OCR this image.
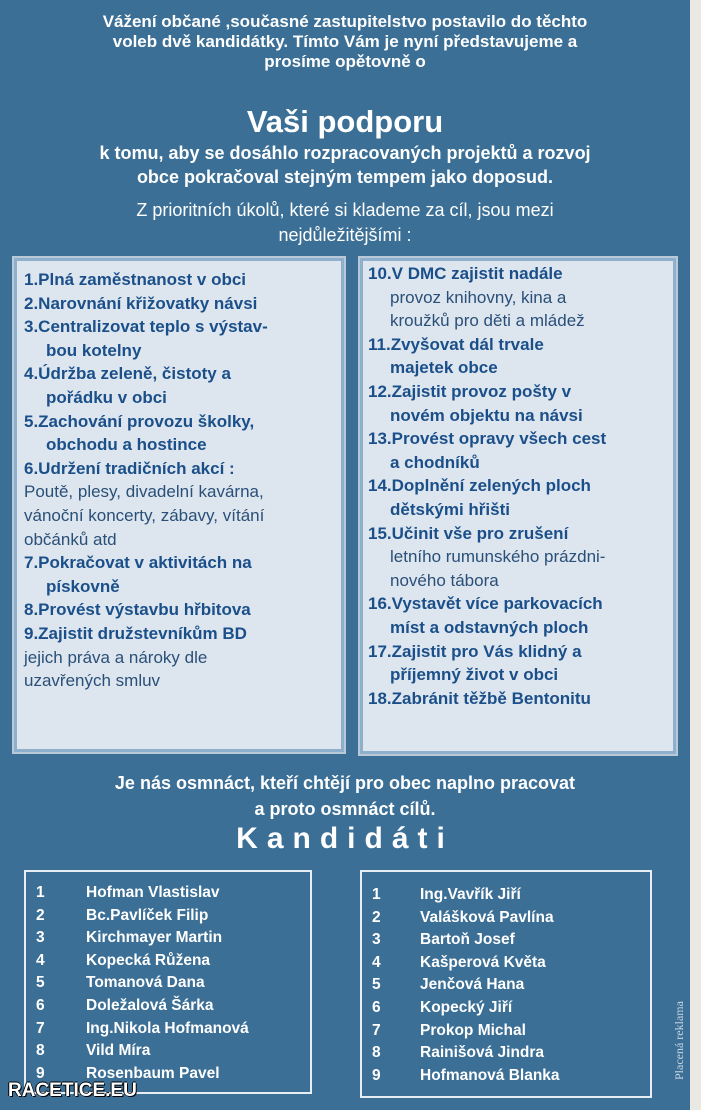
Vážení občané ,současné zastupitelstvo postavilo do těchto
voleb dvě kandidátky. Tímto Vám je nyní představujeme a
prosíme opětovně o
Vaši podporu
k tomu, aby se dosáhlo rozpracovaných projektů a rozvoj
obce pokračoval stejným tempem jako doposud.
Z prioritních úkolů, které si klademe za cíl, jsou mezi
nejdůležitějšími :
1.Plná zaměstnanost v obci
2.Narovnání křižovatky návsi
3.Centralizovat teplo s výstav-
bou kotelny
4.Údržba zeleně, čistoty a
pořádku v obci
5.Zachování provozu školky,
obchodu a hostince
6.Udržení tradičních akcí :
Poutě, plesy, divadelní kavárna,
vánoční koncerty, zábavy, vítání
občánků atd
7.Pokračovat v aktivitách na
pískovně
8.Provést výstavbu hřbitova
9.Zajistit družstevníkům BD
jejich práva a nároky dle
uzavřených smluv
10.V DMC zajistit nadále
provoz knihovny, kina a
kroužků pro děti a mládež
11.Zvyšovat dál trvale
majetek obce
12.Zajistit provoz pošty v
novém objektu na návsi
13.Provést opravy všech cest
a chodníků
14.Doplnění zelených ploch
dětskými hřišti
15.Učinit vše pro zrušení
letního rumunského prázdni-
nového tábora
16.Vystavět více parkovacích
míst a odstavných ploch
17.Zajistit pro Vás klidný a
příjemný život v obci
18.Zabránit těžbě Bentonitu
Je nás osmnáct, kteří chtějí pro obec naplno pracovat
a proto osmnáct cílů.
Kandidáti
1	Hofman Vlastislav
2	Bc.Pavlíček Filip
3	Kirchmayer Martin
4	Kopecká Růžena
5	Tomanová Dana
6	Doležalová Šárka
7	Ing.Nikola Hofmanová
8	Vild Míra
9	Rosenbaum Pavel
1	Ing.Vavřík Jiří
2	Valášková Pavlína
3	Bartoň Josef
4	Kašperová Květa
5	Jenčová Hana
6	Kopecký Jiří
7	Prokop Michal
8	Rainišová Jindra
9	Hofmanová Blanka	Placená reklama
RACETICE.EU
